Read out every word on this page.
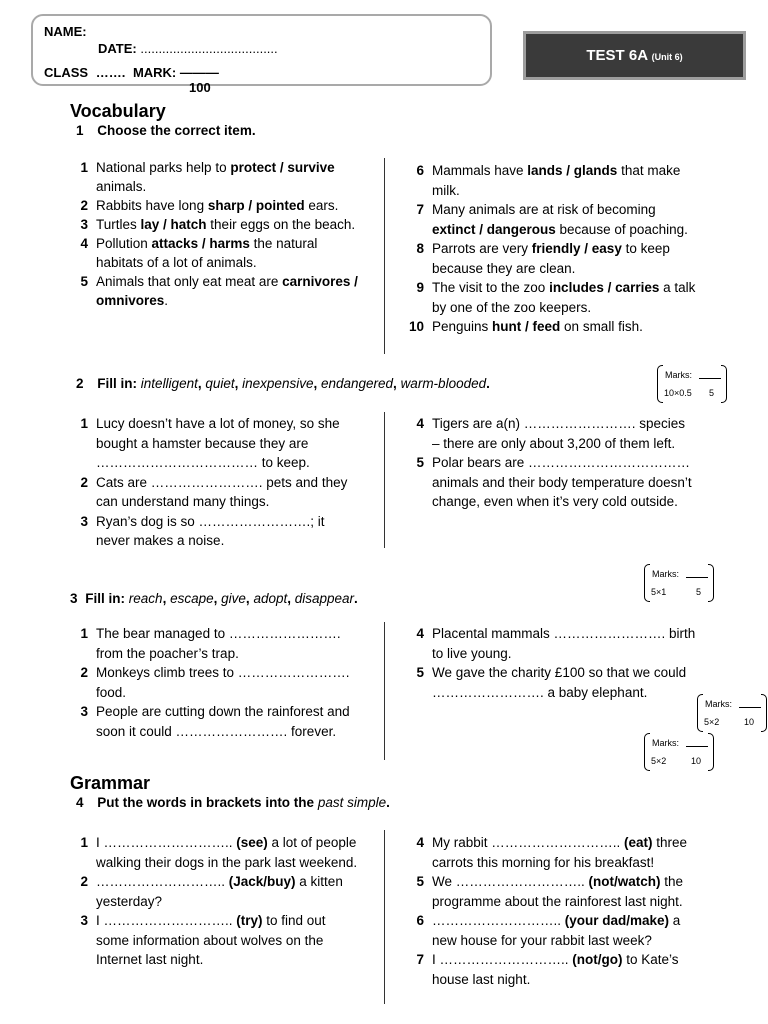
NAME:
DATE: ......................................
CLASS ……. MARK: ———
100
TEST 6A (Unit 6)
Vocabulary
1 Choose the correct item.
1 National parks help to protect / survive animals.
2 Rabbits have long sharp / pointed ears.
3 Turtles lay / hatch their eggs on the beach.
4 Pollution attacks / harms the natural habitats of a lot of animals.
5 Animals that only eat meat are carnivores / omnivores.
6 Mammals have lands / glands that make milk.
7 Many animals are at risk of becoming extinct / dangerous because of poaching.
8 Parrots are very friendly / easy to keep because they are clean.
9 The visit to the zoo includes / carries a talk by one of the zoo keepers.
10 Penguins hunt / feed on small fish.
2 Fill in: intelligent, quiet, inexpensive, endangered, warm-blooded.
Marks:
10×0.5 5
1 Lucy doesn’t have a lot of money, so she bought a hamster because they are ……………………………… to keep.
2 Cats are ……………………. pets and they can understand many things.
3 Ryan’s dog is so …………………….; it never makes a noise.
4 Tigers are a(n) ……………………. species – there are only about 3,200 of them left.
5 Polar bears are ……………………………… animals and their body temperature doesn’t change, even when it’s very cold outside.
Marks:
5×1	5
3 Fill in: reach, escape, give, adopt, disappear.
1 The bear managed to ……………………. from the poacher’s trap.
2 Monkeys climb trees to ……………………. food.
3 People are cutting down the rainforest and soon it could ……………………. forever.
4 Placental mammals ……………………. birth to live young.
5 We gave the charity £100 so that we could ……………………. a baby elephant.
Marks:
5×2	10
Marks:
5×2	10
Grammar
4 Put the words in brackets into the past simple.
1 I ……………………….. (see) a lot of people walking their dogs in the park last weekend.
2 ……………………….. (Jack/buy) a kitten yesterday?
3 I ……………………….. (try) to find out some information about wolves on the Internet last night.
4 My rabbit ……………………….. (eat) three carrots this morning for his breakfast!
5 We ……………………….. (not/watch) the programme about the rainforest last night.
6 ……………………….. (your dad/make) a new house for your rabbit last week?
7 I ……………………….. (not/go) to Kate’s house last night.
